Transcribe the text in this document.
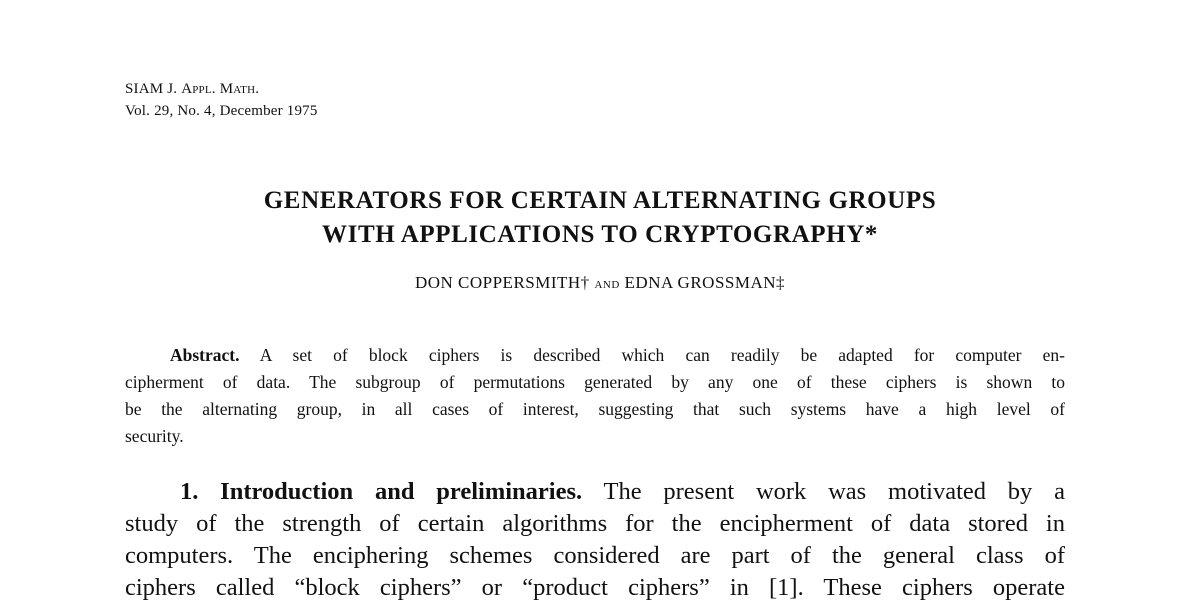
SIAM J. Appl. Math.
Vol. 29, No. 4, December 1975
GENERATORS FOR CERTAIN ALTERNATING GROUPS
WITH APPLICATIONS TO CRYPTOGRAPHY*
DON COPPERSMITH† and EDNA GROSSMAN‡
Abstract. A set of block ciphers is described which can readily be adapted for computer en-
cipherment of data. The subgroup of permutations generated by any one of these ciphers is shown to
be the alternating group, in all cases of interest, suggesting that such systems have a high level of
security.
1. Introduction and preliminaries. The present work was motivated by a
study of the strength of certain algorithms for the encipherment of data stored in
computers. The enciphering schemes considered are part of the general class of
ciphers called “block ciphers” or “product ciphers” in [1]. These ciphers operate
